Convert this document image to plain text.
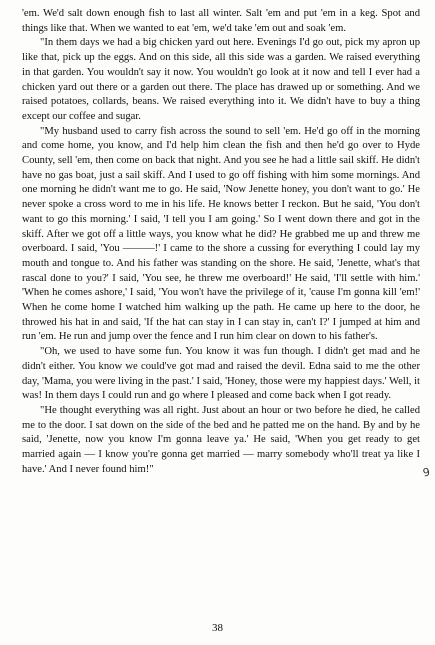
'em. We'd salt down enough fish to last all winter. Salt 'em and put 'em in a keg. Spot and things like that. When we wanted to eat 'em, we'd take 'em out and soak 'em.

"In them days we had a big chicken yard out here. Evenings I'd go out, pick my apron up like that, pick up the eggs. And on this side, all this side was a garden. We raised everything in that garden. You wouldn't say it now. You wouldn't go look at it now and tell I ever had a chicken yard out there or a garden out there. The place has drawed up or something. And we raised potatoes, collards, beans. We raised everything into it. We didn't have to buy a thing except our coffee and sugar.

"My husband used to carry fish across the sound to sell 'em. He'd go off in the morning and come home, you know, and I'd help him clean the fish and then he'd go over to Hyde County, sell 'em, then come on back that night. And you see he had a little sail skiff. He didn't have no gas boat, just a sail skiff. And I used to go off fishing with him some mornings. And one morning he didn't want me to go. He said, 'Now Jenette honey, you don't want to go.' He never spoke a cross word to me in his life. He knows better I reckon. But he said, 'You don't want to go this morning.' I said, 'I tell you I am going.' So I went down there and got in the skiff. After we got off a little ways, you know what he did? He grabbed me up and threw me overboard. I said, 'You ———!' I came to the shore a cussing for everything I could lay my mouth and tongue to. And his father was standing on the shore. He said, 'Jenette, what's that rascal done to you?' I said, 'You see, he threw me overboard!' He said, 'I'll settle with him.' 'When he comes ashore,' I said, 'You won't have the privilege of it, 'cause I'm gonna kill 'em!' When he come home I watched him walking up the path. He came up here to the door, he throwed his hat in and said, 'If the hat can stay in I can stay in, can't I?' I jumped at him and run 'em. He run and jump over the fence and I run him clear on down to his father's.

"Oh, we used to have some fun. You know it was fun though. I didn't get mad and he didn't either. You know we could've got mad and raised the devil. Edna said to me the other day, 'Mama, you were living in the past.' I said, 'Honey, those were my happiest days.' Well, it was! In them days I could run and go where I pleased and come back when I got ready.

"He thought everything was all right. Just about an hour or two before he died, he called me to the door. I sat down on the side of the bed and he patted me on the hand. By and by he said, 'Jenette, now you know I'm gonna leave ya.' He said, 'When you get ready to get married again — I know you're gonna get married — marry somebody who'll treat ya like I have.' And I never found him!"	9
38
